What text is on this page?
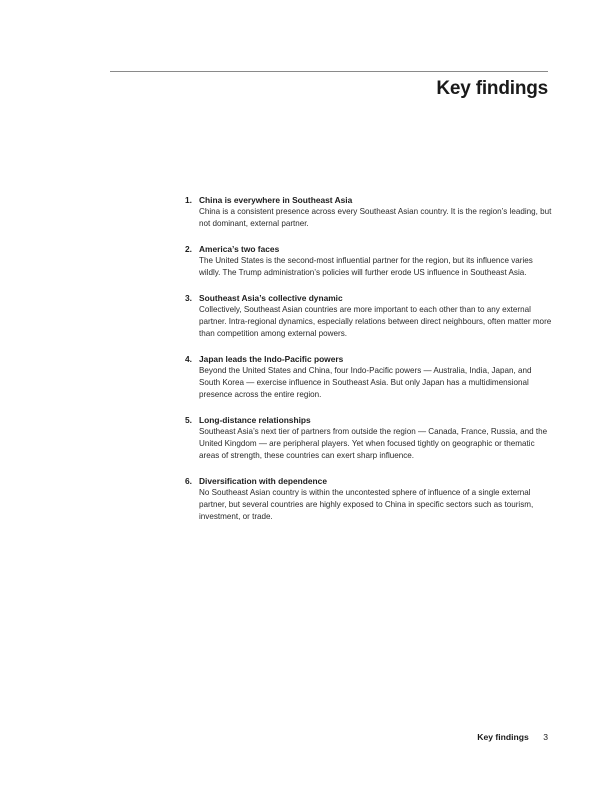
Key findings
1. China is everywhere in Southeast Asia
China is a consistent presence across every Southeast Asian country. It is the region’s leading, but not dominant, external partner.
2. America’s two faces
The United States is the second-most influential partner for the region, but its influence varies wildly. The Trump administration’s policies will further erode US influence in Southeast Asia.
3. Southeast Asia’s collective dynamic
Collectively, Southeast Asian countries are more important to each other than to any external partner. Intra-regional dynamics, especially relations between direct neighbours, often matter more than competition among external powers.
4. Japan leads the Indo-Pacific powers
Beyond the United States and China, four Indo-Pacific powers — Australia, India, Japan, and South Korea — exercise influence in Southeast Asia. But only Japan has a multidimensional presence across the entire region.
5. Long-distance relationships
Southeast Asia’s next tier of partners from outside the region — Canada, France, Russia, and the United Kingdom — are peripheral players. Yet when focused tightly on geographic or thematic areas of strength, these countries can exert sharp influence.
6. Diversification with dependence
No Southeast Asian country is within the uncontested sphere of influence of a single external partner, but several countries are highly exposed to China in specific sectors such as tourism, investment, or trade.
Key findings 3
